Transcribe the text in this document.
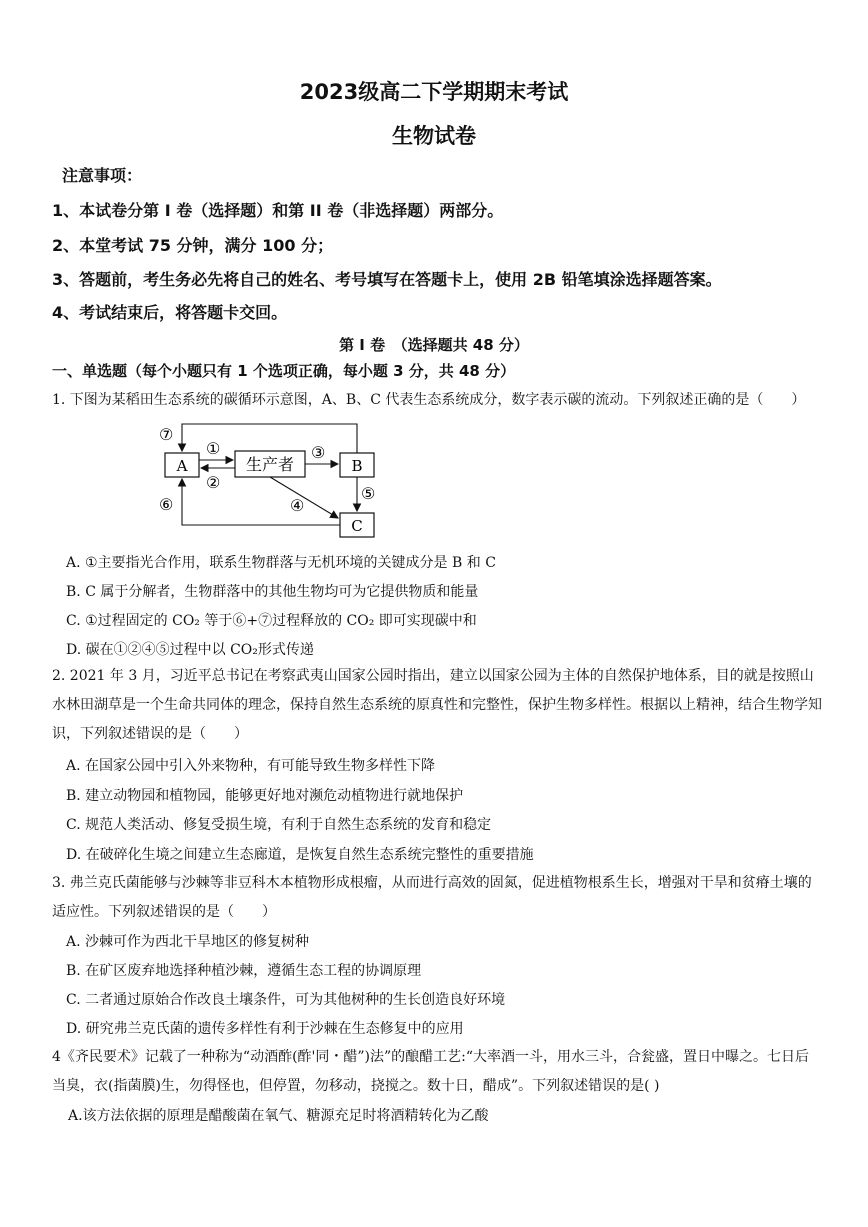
2023级高二下学期期末考试
生物试卷
注意事项：
1、本试卷分第 I 卷（选择题）和第 II 卷（非选择题）两部分。
2、本堂考试 75 分钟，满分 100 分；
3、答题前，考生务必先将自己的姓名、考号填写在答题卡上，使用 2B 铅笔填涂选择题答案。
4、考试结束后，将答题卡交回。
第 I 卷　（选择题共 48 分）
一、单选题（每个小题只有 1 个选项正确，每小题 3 分，共 48 分）
1. 下图为某稻田生态系统的碳循环示意图，A、B、C 代表生态系统成分，数字表示碳的流动。下列叙述正确的是（　　）
A	生产者	B
C
⑦
①
②
③
④
⑤
⑥
A. ①主要指光合作用，联系生物群落与无机环境的关键成分是 B 和 C
B. C 属于分解者，生物群落中的其他生物均可为它提供物质和能量
C. ①过程固定的 CO₂ 等于⑥+⑦过程释放的 CO₂ 即可实现碳中和
D. 碳在①②④⑤过程中以 CO₂形式传递
2. 2021 年 3 月，习近平总书记在考察武夷山国家公园时指出，建立以国家公园为主体的自然保护地体系，目的就是按照山水林田湖草是一个生命共同体的理念，保持自然生态系统的原真性和完整性，保护生物多样性。根据以上精神，结合生物学知识，下列叙述错误的是（　　）
A. 在国家公园中引入外来物种，有可能导致生物多样性下降
B. 建立动物园和植物园，能够更好地对濒危动植物进行就地保护
C. 规范人类活动、修复受损生境，有利于自然生态系统的发育和稳定
D. 在破碎化生境之间建立生态廊道，是恢复自然生态系统完整性的重要措施
3. 弗兰克氏菌能够与沙棘等非豆科木本植物形成根瘤，从而进行高效的固氮，促进植物根系生长，增强对干旱和贫瘠土壤的适应性。下列叙述错误的是（　　）
A. 沙棘可作为西北干旱地区的修复树种
B. 在矿区废弃地选择种植沙棘，遵循生态工程的协调原理
C. 二者通过原始合作改良土壤条件，可为其他树种的生长创造良好环境
D. 研究弗兰克氏菌的遗传多样性有利于沙棘在生态修复中的应用
4《齐民要术》记载了一种称为“动酒酢(酢'同・醋”)法”的酿醋工艺:“大率酒一斗，用水三斗，合瓮盛，置日中曝之。七日后当臭，衣(指菌膜)生，勿得怪也，但停置，勿移动，挠搅之。数十日，醋成”。下列叙述错误的是( )
A.该方法依据的原理是醋酸菌在氧气、糖源充足时将酒精转化为乙酸
